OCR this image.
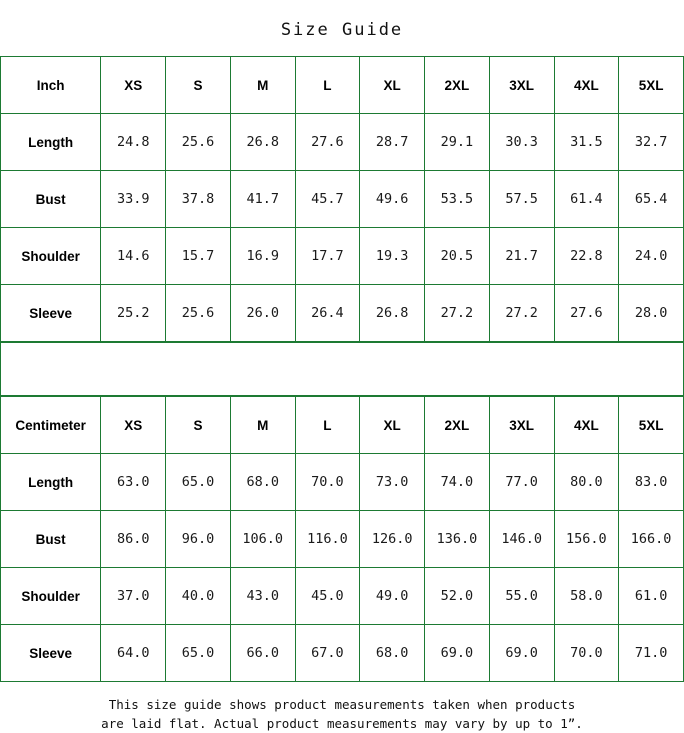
Size Guide
Inch	XS	S	M	L	XL	2XL	3XL	4XL	5XL
Length	24.8	25.6	26.8	27.6	28.7	29.1	30.3	31.5	32.7
Bust	33.9	37.8	41.7	45.7	49.6	53.5	57.5	61.4	65.4
Shoulder	14.6	15.7	16.9	17.7	19.3	20.5	21.7	22.8	24.0
Sleeve	25.2	25.6	26.0	26.4	26.8	27.2	27.2	27.6	28.0
Centimeter	XS	S	M	L	XL	2XL	3XL	4XL	5XL
Length	63.0	65.0	68.0	70.0	73.0	74.0	77.0	80.0	83.0
Bust	86.0	96.0	106.0	116.0	126.0	136.0	146.0	156.0	166.0
Shoulder	37.0	40.0	43.0	45.0	49.0	52.0	55.0	58.0	61.0
Sleeve	64.0	65.0	66.0	67.0	68.0	69.0	69.0	70.0	71.0
This size guide shows product measurements taken when products
are laid flat. Actual product measurements may vary by up to 1”.
